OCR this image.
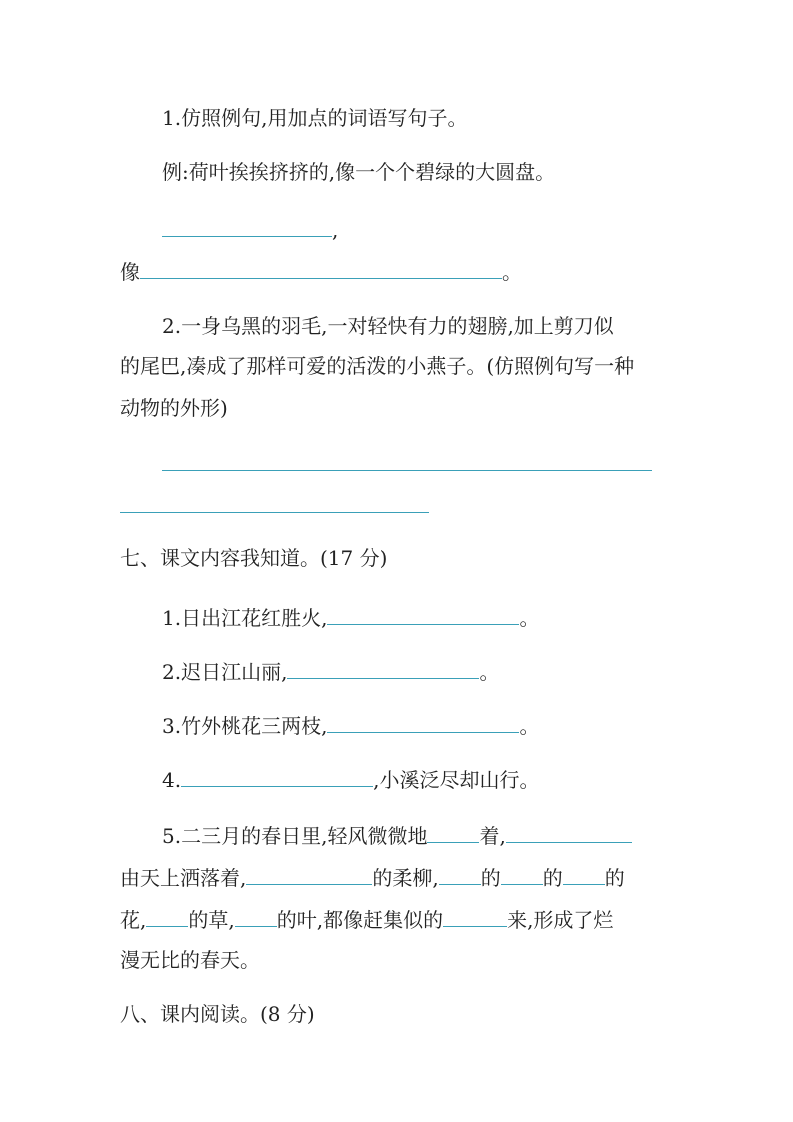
1.仿照例句,用加点的词语写句子。
例:荷叶挨挨挤挤的,像一个个碧绿的大圆盘。
,
像	。
2.一身乌黑的羽毛,一对轻快有力的翅膀,加上剪刀似
的尾巴,凑成了那样可爱的活泼的小燕子。(仿照例句写一种
动物的外形)
七、课文内容我知道。(17 分)
1.日出江花红胜火,	。
2.迟日江山丽,	。
3.竹外桃花三两枝,	。
4.	,小溪泛尽却山行。
5.二三月的春日里,轻风微微地	着,
由天上洒落着,	的柔柳, 的 的 的
花, 的草, 的叶,都像赶集似的	来,形成了烂
漫无比的春天。
八、课内阅读。(8 分)
